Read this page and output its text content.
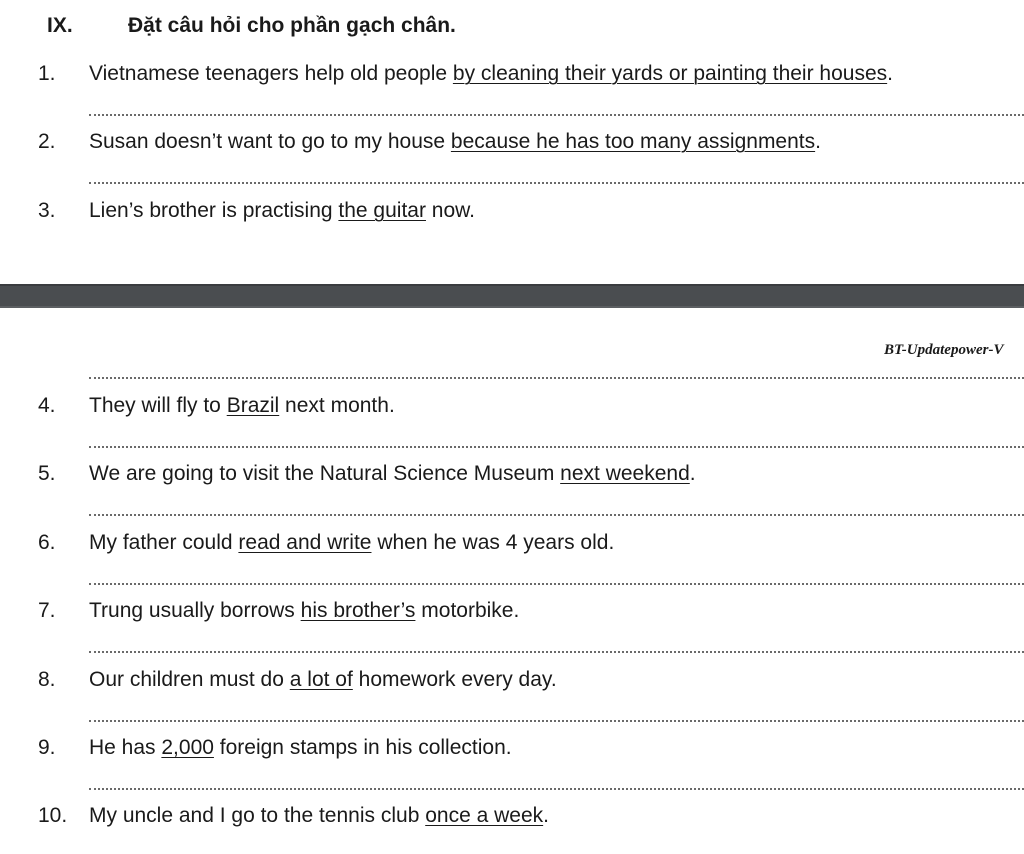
IX.	Đặt câu hỏi cho phần gạch chân.
1. Vietnamese teenagers help old people by cleaning their yards or painting their houses.
2. Susan doesn’t want to go to my house because he has too many assignments.
3. Lien’s brother is practising the guitar now.
BT-Updatepower-V
4. They will fly to Brazil next month.
5. We are going to visit the Natural Science Museum next weekend.
6. My father could read and write when he was 4 years old.
7. Trung usually borrows his brother’s motorbike.
8. Our children must do a lot of homework every day.
9. He has 2,000 foreign stamps in his collection.
10. My uncle and I go to the tennis club once a week.
